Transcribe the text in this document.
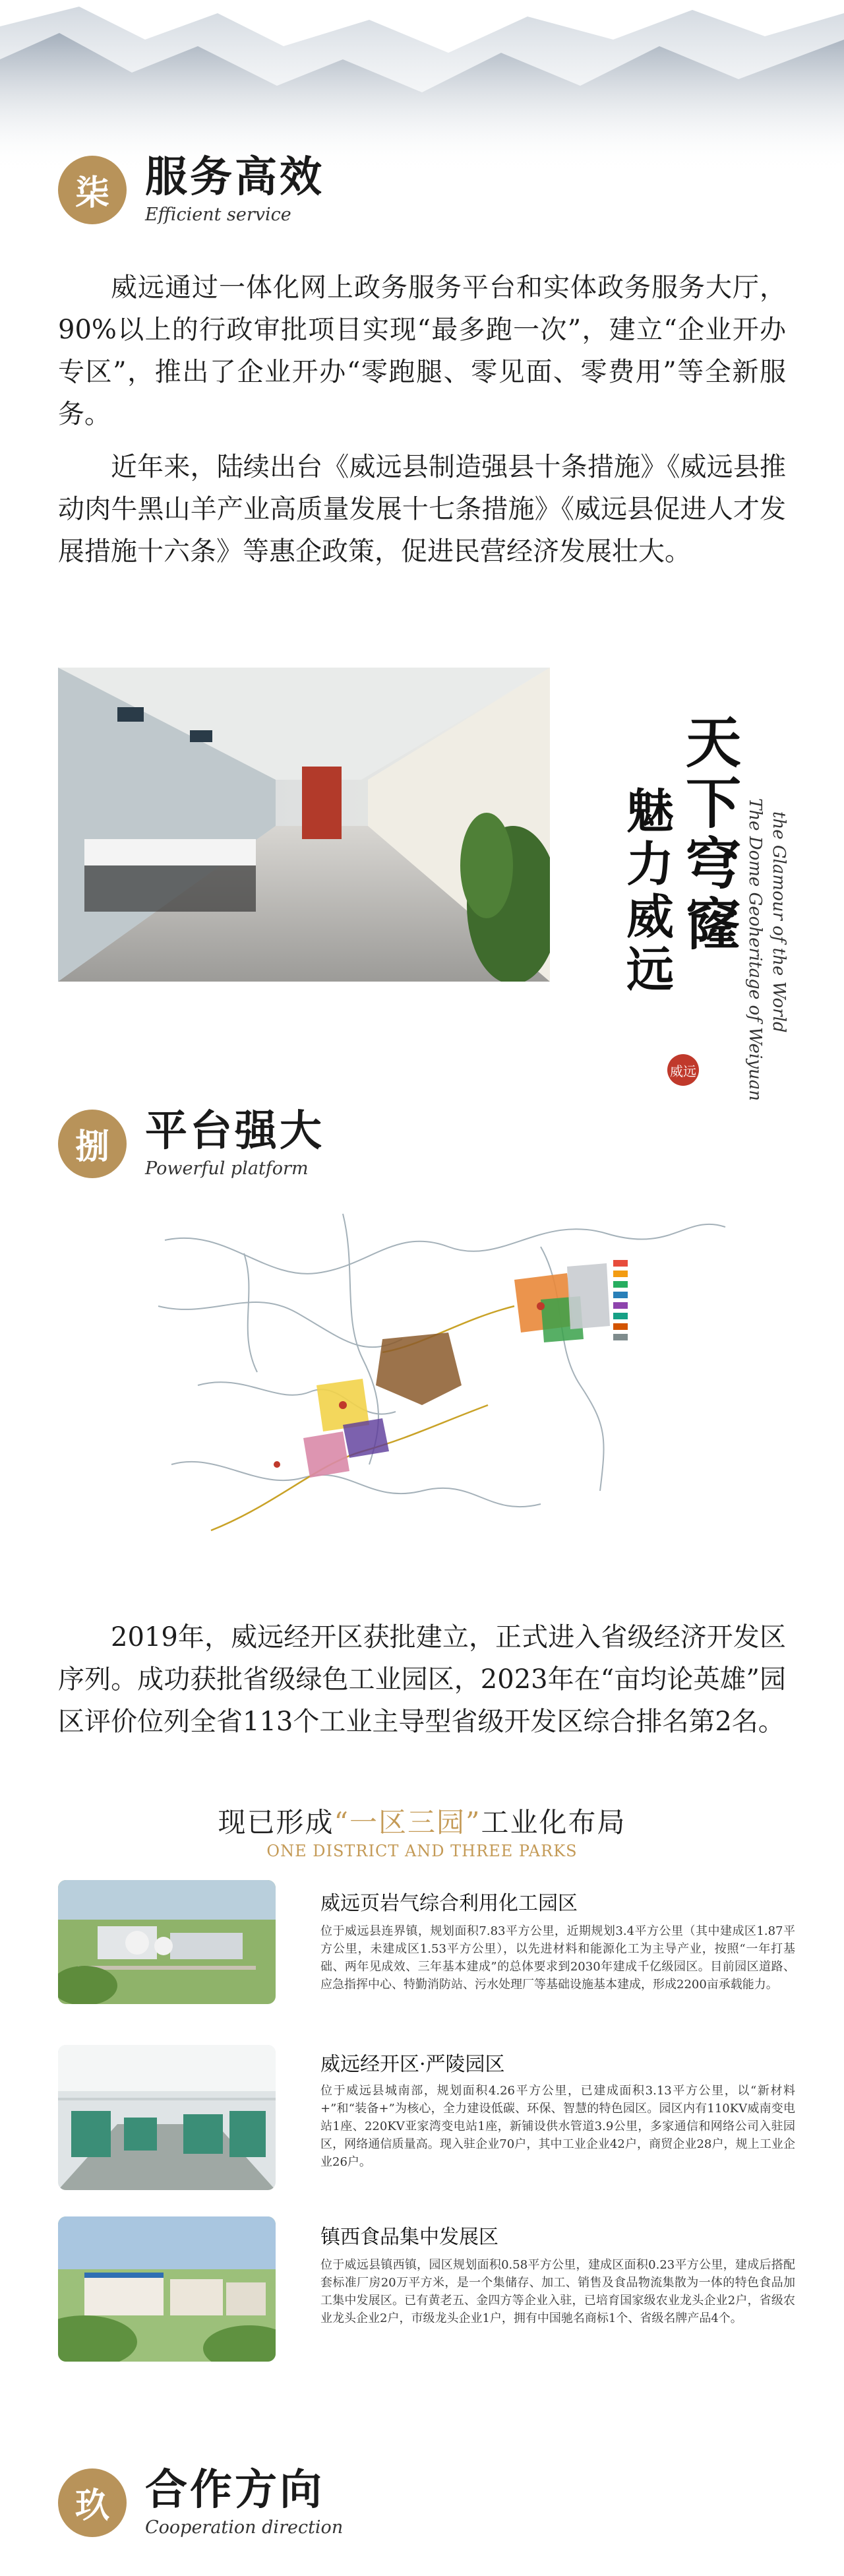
柒 服务高效
Efficient service

威远通过一体化网上政务服务平台和实体政务服务大厅，90%以上的行政审批项目实现“最多跑一次”，建立“企业开办专区”，推出了企业开办“零跑腿、零见面、零费用”等全新服务。

近年来，陆续出台《威远县制造强县十条措施》《威远县推动肉牛黑山羊产业高质量发展十七条措施》《威远县促进人才发展措施十六条》等惠企政策，促进民营经济发展壮大。

天下穹窿
魅力威远
威远	The Dome Geoheritage of Weiyuan the Glamour of the World
捌 平台强大
Powerful platform

2019年，威远经开区获批建立，正式进入省级经济开发区序列。成功获批省级绿色工业园区，2023年在“亩均论英雄”园区评价位列全省113个工业主导型省级开发区综合排名第2名。

现已形成“一区三园”工业化布局
ONE DISTRICT AND THREE PARKS
威远页岩气综合利用化工园区

位于威远县连界镇，规划面积7.83平方公里，近期规划3.4平方公里（其中建成区1.87平方公里，未建成区1.53平方公里），以先进材料和能源化工为主导产业，按照“一年打基础、两年见成效、三年基本建成”的总体要求到2030年建成千亿级园区。目前园区道路、应急指挥中心、特勤消防站、污水处理厂等基础设施基本建成，形成2200亩承载能力。

威远经开区·严陵园区

位于威远县城南部，规划面积4.26平方公里，已建成面积3.13平方公里，以“新材料+”和“装备+”为核心，全力建设低碳、环保、智慧的特色园区。园区内有110KV威南变电站1座、220KV亚家湾变电站1座，新铺设供水管道3.9公里，多家通信和网络公司入驻园区，网络通信质量高。现入驻企业70户，其中工业企业42户，商贸企业28户，规上工业企业26户。

镇西食品集中发展区

位于威远县镇西镇，园区规划面积0.58平方公里，建成区面积0.23平方公里，建成后搭配套标准厂房20万平方米，是一个集储存、加工、销售及食品物流集散为一体的特色食品加工集中发展区。已有黄老五、金四方等企业入驻，已培育国家级农业龙头企业2户，省级农业龙头企业2户，市级龙头企业1户，拥有中国驰名商标1个、省级名牌产品4个。

玖 合作方向
Cooperation direction
